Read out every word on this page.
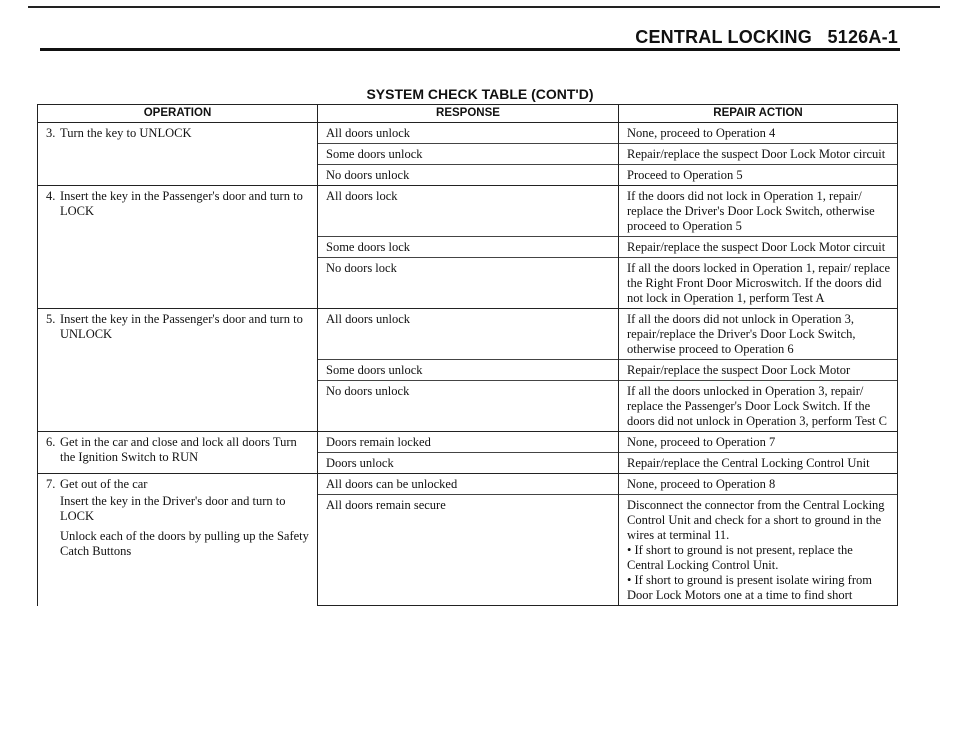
CENTRAL LOCKING 5126A-1
SYSTEM CHECK TABLE (CONT'D)
OPERATION	RESPONSE	REPAIR ACTION

3. Turn the key to UNLOCK	All doors unlock	None, proceed to Operation 4
	Some doors unlock	Repair/replace the suspect Door Lock Motor circuit
	No doors unlock	Proceed to Operation 5

4. Insert the key in the Passenger's door and turn to LOCK	All doors lock	If the doors did not lock in Operation 1, repair/ replace the Driver's Door Lock Switch, otherwise proceed to Operation 5
	Some doors lock	Repair/replace the suspect Door Lock Motor circuit
	No doors lock	If all the doors locked in Operation 1, repair/ replace the Right Front Door Microswitch. If the doors did not lock in Operation 1, perform Test A

5. Insert the key in the Passenger's door and turn to UNLOCK	All doors unlock	If all the doors did not unlock in Operation 3, repair/replace the Driver's Door Lock Switch, otherwise proceed to Operation 6
	Some doors unlock	Repair/replace the suspect Door Lock Motor
	No doors unlock	If all the doors unlocked in Operation 3, repair/ replace the Passenger's Door Lock Switch. If the doors did not unlock in Operation 3, perform Test C

6. Get in the car and close and lock all doors Turn the Ignition Switch to RUN	Doors remain locked	None, proceed to Operation 7
	Doors unlock	Repair/replace the Central Locking Control Unit

7. Get out of the car
Insert the key in the Driver's door and turn to LOCK
Unlock each of the doors by pulling up the Safety Catch Buttons	All doors can be unlocked	None, proceed to Operation 8
	All doors remain secure	Disconnect the connector from the Central Locking Control Unit and check for a short to ground in the wires at terminal 11.
• If short to ground is not present, replace the Central Locking Control Unit.
• If short to ground is present isolate wiring from Door Lock Motors one at a time to find short
